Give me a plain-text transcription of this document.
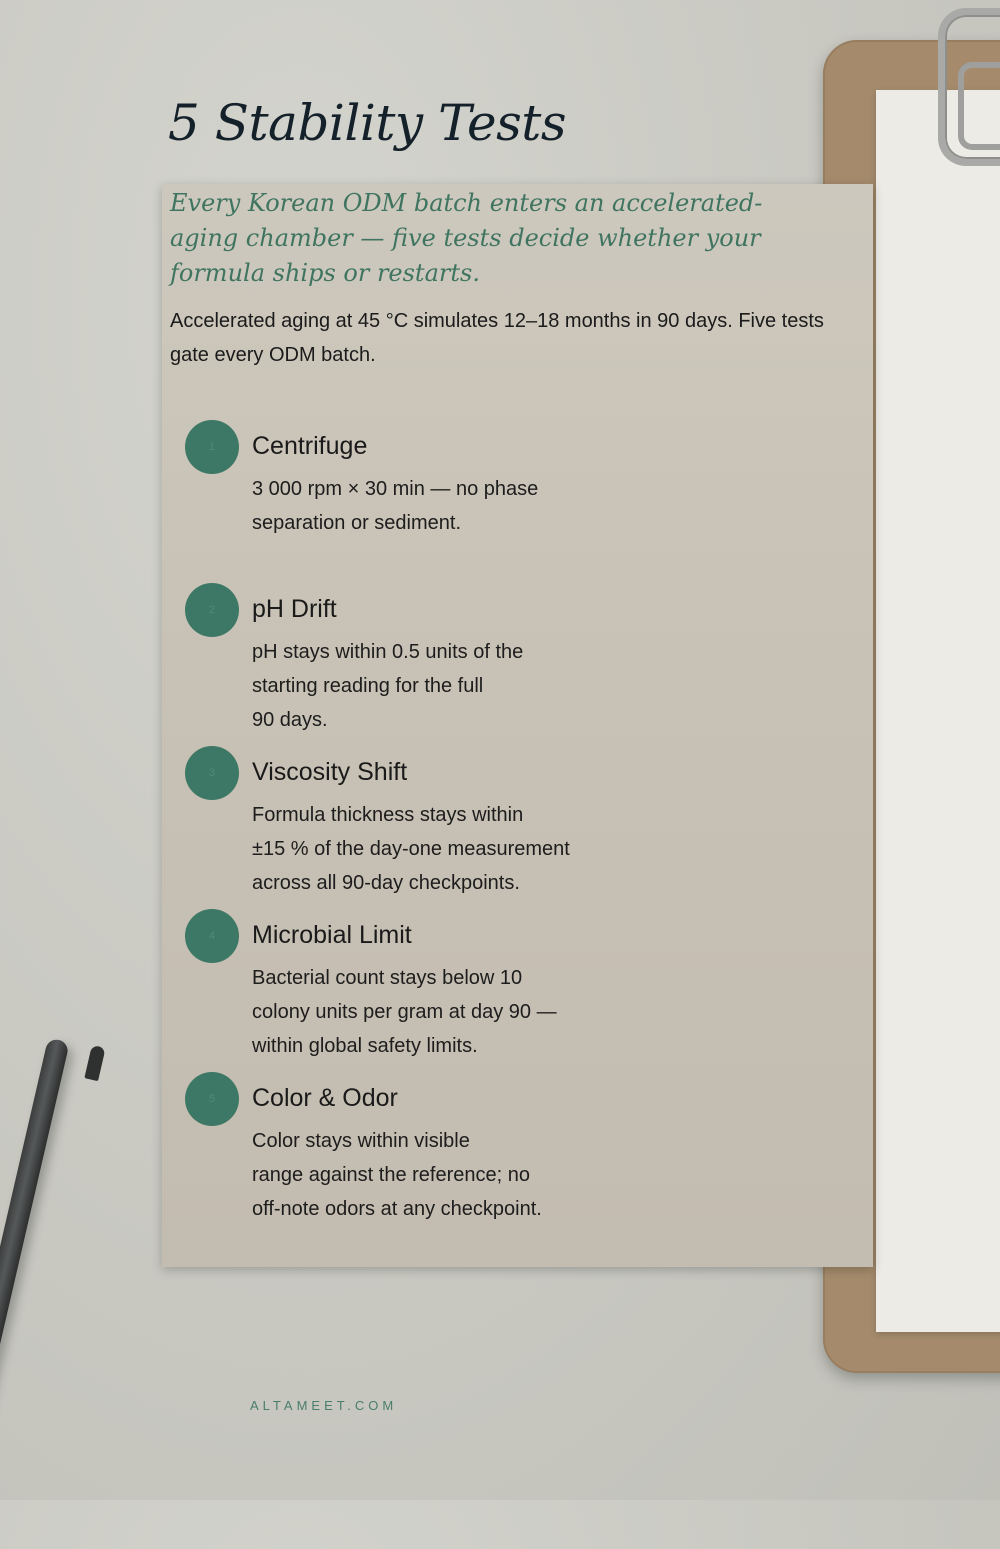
5 Stability Tests

Every Korean ODM batch enters an accelerated-aging chamber — five tests decide whether your formula ships or restarts.

Accelerated aging at 45 °C simulates 12–18 months in 90 days. Five tests gate every ODM batch.

1	Centrifuge

3 000 rpm × 30 min — no phase
separation or sediment.

2	pH Drift

pH stays within 0.5 units of the
starting reading for the full
90 days.

3	Viscosity Shift

Formula thickness stays within
±15 % of the day-one measurement
across all 90-day checkpoints.

4	Microbial Limit

Bacterial count stays below 10
colony units per gram at day 90 —
within global safety limits.

5	Color & Odor

Color stays within visible
range against the reference; no
off-note odors at any checkpoint.

ALTAMEET.COM
